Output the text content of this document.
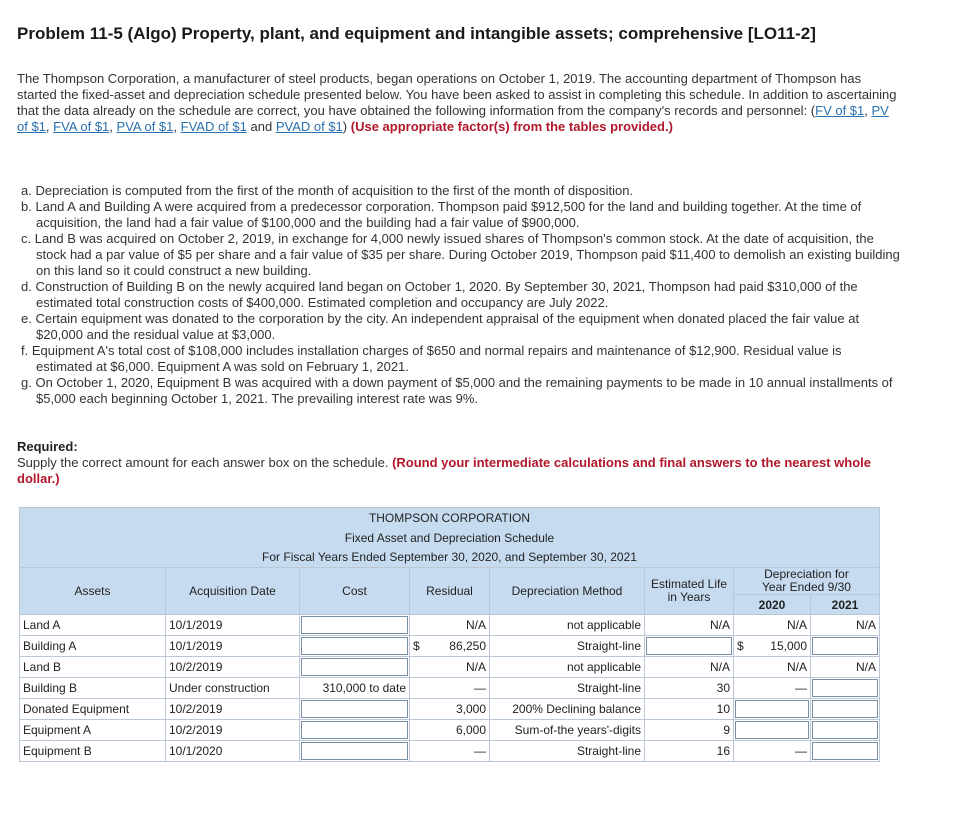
Problem 11-5 (Algo) Property, plant, and equipment and intangible assets; comprehensive [LO11-2]
The Thompson Corporation, a manufacturer of steel products, began operations on October 1, 2019. The accounting department of Thompson has started the fixed-asset and depreciation schedule presented below. You have been asked to assist in completing this schedule. In addition to ascertaining that the data already on the schedule are correct, you have obtained the following information from the company's records and personnel: (FV of $1, PV of $1, FVA of $1, PVA of $1, FVAD of $1 and PVAD of $1) (Use appropriate factor(s) from the tables provided.)

a. Depreciation is computed from the first of the month of acquisition to the first of the month of disposition.

b. Land A and Building A were acquired from a predecessor corporation. Thompson paid $912,500 for the land and building together. At the time of acquisition, the land had a fair value of $100,000 and the building had a fair value of $900,000.

c. Land B was acquired on October 2, 2019, in exchange for 4,000 newly issued shares of Thompson's common stock. At the date of acquisition, the stock had a par value of $5 per share and a fair value of $35 per share. During October 2019, Thompson paid $11,400 to demolish an existing building on this land so it could construct a new building.

d. Construction of Building B on the newly acquired land began on October 1, 2020. By September 30, 2021, Thompson had paid $310,000 of the estimated total construction costs of $400,000. Estimated completion and occupancy are July 2022.

e. Certain equipment was donated to the corporation by the city. An independent appraisal of the equipment when donated placed the fair value at $20,000 and the residual value at $3,000.

f. Equipment A's total cost of $108,000 includes installation charges of $650 and normal repairs and maintenance of $12,900. Residual value is estimated at $6,000. Equipment A was sold on February 1, 2021.

g. On October 1, 2020, Equipment B was acquired with a down payment of $5,000 and the remaining payments to be made in 10 annual installments of $5,000 each beginning October 1, 2021. The prevailing interest rate was 9%.

Required:
Supply the correct amount for each answer box on the schedule. (Round your intermediate calculations and final answers to the nearest whole dollar.)
THOMPSON CORPORATION							
Fixed Asset and Depreciation Schedule							
For Fiscal Years Ended September 30, 2020, and September 30, 2021							
Assets	Acquisition Date	Cost	Residual	Depreciation Method	Estimated Life in Years	Depreciation for Year Ended 9/30	
						2020	2021
Land A	10/1/2019		N/A	not applicable	N/A	N/A	N/A
Building A	10/1/2019		$ 86,250	Straight-line		$ 15,000	

Land B	10/2/2019		N/A	not applicable	N/A	N/A	N/A
Building B	Under construction	310,000 to date	—	Straight-line	30	—	

Donated Equipment	10/2/2019		3,000	200% Declining balance	10	

Equipment A	10/2/2019		6,000	Sum-of-the years'-digits	9	

Equipment B	10/1/2020		—	Straight-line	16	—	
